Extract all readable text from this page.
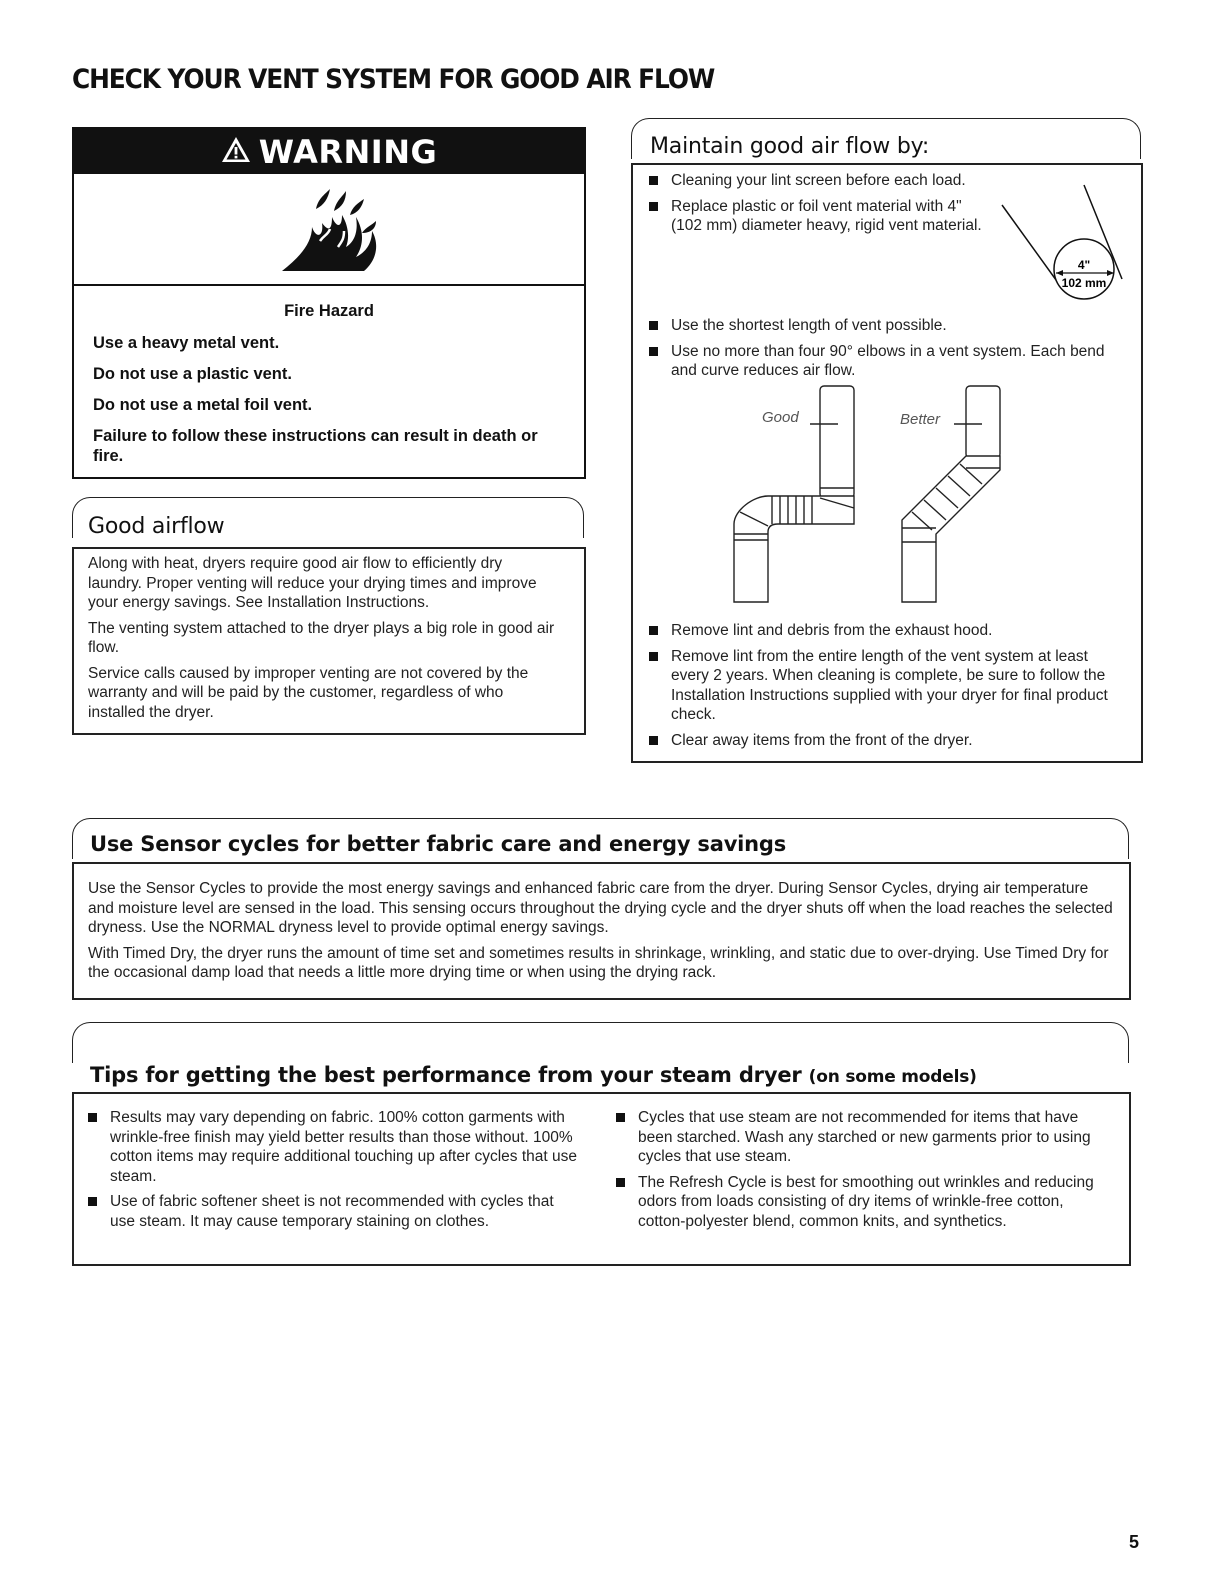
CHECK YOUR VENT SYSTEM FOR GOOD AIR FLOW
WARNING
Fire Hazard
Use a heavy metal vent.
Do not use a plastic vent.
Do not use a metal foil vent.
Failure to follow these instructions can result in death or fire.
Good airflow

Along with heat, dryers require good air flow to efficiently dry laundry. Proper venting will reduce your drying times and improve your energy savings. See Installation Instructions.

The venting system attached to the dryer plays a big role in good air flow.

Service calls caused by improper venting are not covered by the warranty and will be paid by the customer, regardless of who installed the dryer.

Maintain good air flow by:
Cleaning your lint screen before each load.
Replace plastic or foil vent material with 4" (102 mm) diameter heavy, rigid vent material.
4"
102 mm
Use the shortest length of vent possible.
Use no more than four 90° elbows in a vent system. Each bend and curve reduces air flow.
Good	Better
Remove lint and debris from the exhaust hood.
Remove lint from the entire length of the vent system at least every 2 years. When cleaning is complete, be sure to follow the Installation Instructions supplied with your dryer for final product check.
Clear away items from the front of the dryer.
Use Sensor cycles for better fabric care and energy savings

Use the Sensor Cycles to provide the most energy savings and enhanced fabric care from the dryer. During Sensor Cycles, drying air temperature and moisture level are sensed in the load. This sensing occurs throughout the drying cycle and the dryer shuts off when the load reaches the selected dryness. Use the NORMAL dryness level to provide optimal energy savings.

With Timed Dry, the dryer runs the amount of time set and sometimes results in shrinkage, wrinkling, and static due to over-drying. Use Timed Dry for the occasional damp load that needs a little more drying time or when using the drying rack.

Tips for getting the best performance from your steam dryer (on some models)
Results may vary depending on fabric. 100% cotton garments with wrinkle-free finish may yield better results than those without. 100% cotton items may require additional touching up after cycles that use steam.
Use of fabric softener sheet is not recommended with cycles that use steam. It may cause temporary staining on clothes.
Cycles that use steam are not recommended for items that have been starched. Wash any starched or new garments prior to using cycles that use steam.
The Refresh Cycle is best for smoothing out wrinkles and reducing odors from loads consisting of dry items of wrinkle-free cotton, cotton-polyester blend, common knits, and synthetics.
5
